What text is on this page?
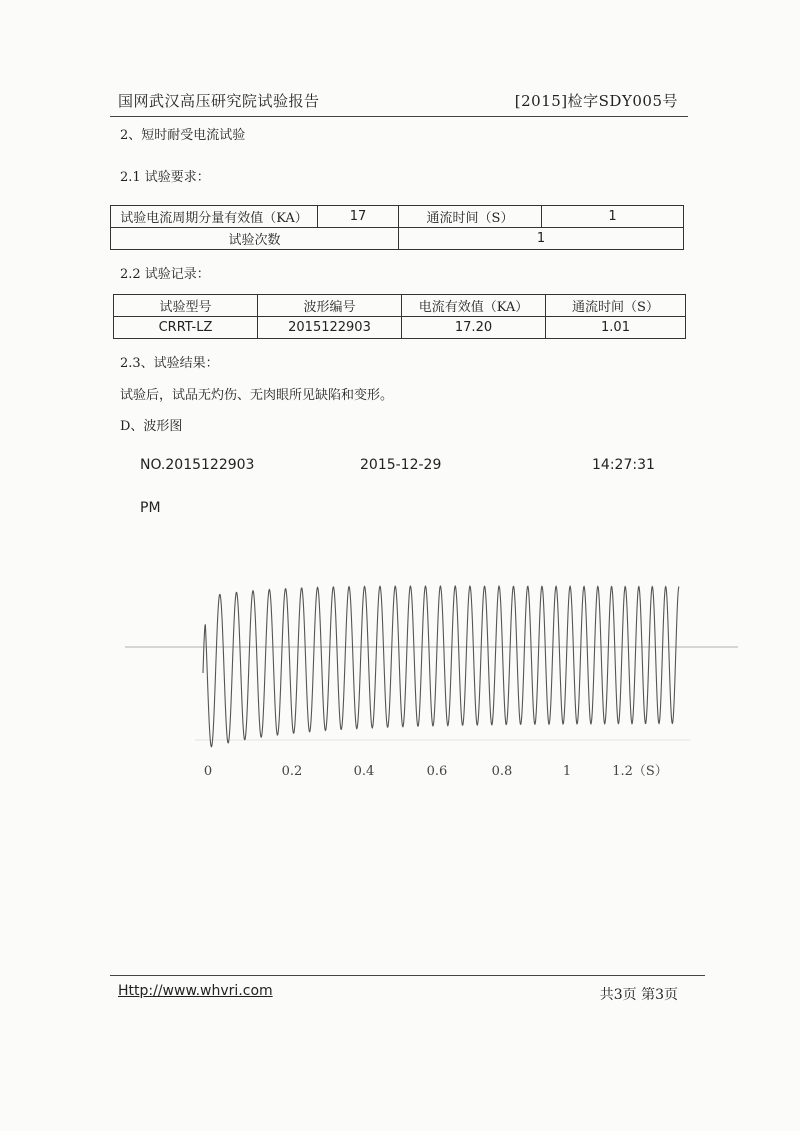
国网武汉高压研究院试验报告	[2015]检字SDY005号
2、短时耐受电流试验
2.1 试验要求：
试验电流周期分量有效值（KA）	17	通流时间（S）	1
试验次数		1	
2.2 试验记录：
试验型号	波形编号	电流有效值（KA）	通流时间（S）
CRRT-LZ	2015122903	17.20	1.01
2.3、试验结果：
试验后，试品无灼伤、无肉眼所见缺陷和变形。
D、波形图
NO.2015122903	2015-12-29	14:27:31
PM
0	0.2	0.4	0.6	0.8	1	1.2（S）
Http://www.whvri.com	共3页 第3页
